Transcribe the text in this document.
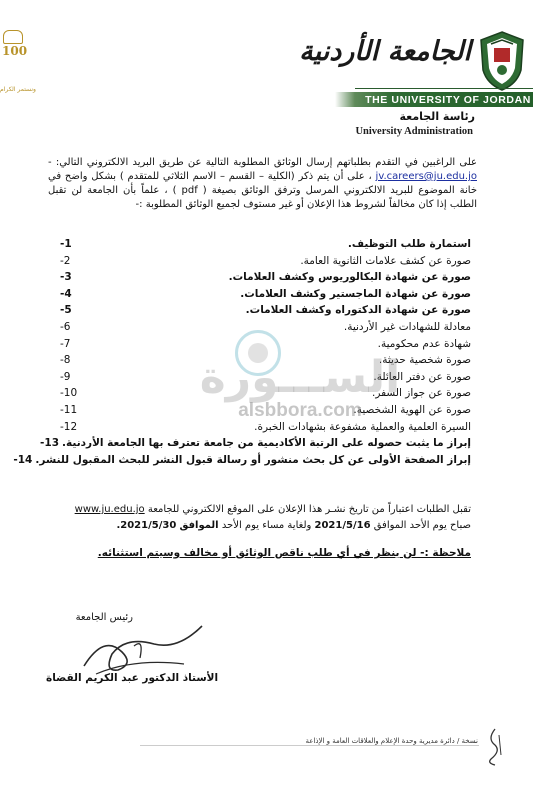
100
ونستمر الكرام
الجامعة الأردنية
THE UNIVERSITY OF JORDAN
رئاسة الجامعة
University Administration
على الراغبين في التقدم بطلباتهم إرسال الوثائق المطلوبة التالية عن طريق البريد الالكتروني التالي: - jv.careers@ju.edu.jo ، على أن يتم ذكر (الكلية – القسم – الاسم الثلاثي للمتقدم ) بشكل واضح في خانة الموضوع للبريد الالكتروني المرسل وترفق الوثائق بصيغة ( pdf ) ، علماً بأن الجامعة لن تقبل الطلب إذا كان مخالفاً لشروط هذا الإعلان أو غير مستوف لجميع الوثائق المطلوبة :-
استمارة طلب التوظيف.
-1
صورة عن كشف علامات الثانوية العامة.
-2
صورة عن شهادة البكالوريوس وكشف العلامات.
-3
صورة عن شهادة الماجستير وكشف العلامات.
-4
صورة عن شهادة الدكتوراه وكشف العلامات.
-5
معادلة للشهادات غير الأردنية.
-6
شهادة عدم محكومية.
-7
صورة شخصية حديثة.
-8
صورة عن دفتر العائلة.
-9
صورة عن جواز السفر.
-10
صورة عن الهوية الشخصية.
-11
السيرة العلمية والعملية مشفوعة بشهادات الخبرة.
-12
إبراز ما يثبت حصوله على الرتبة الأكاديمية من جامعة تعترف بها الجامعة الأردنية.
-13
إبراز الصفحة الأولى عن كل بحث منشور أو رسالة قبول النشر للبحث المقبول للنشر.
-14
الســـورة
alsbbora.com
تقبل الطلبات اعتباراً من تاريخ نشـر هذا الإعلان على الموقع الالكتروني للجامعة www.ju.edu.jo
صباح يوم الأحد الموافق 2021/5/16 ولغاية مساء يوم الأحد الموافق 2021/5/30.
ملاحظة :- لن ينظر في أي طلب ناقص الوثائق أو مخالف وسيتم استثنائه.
رئيس الجامعة
الأستاذ الدكتور عبد الكريم القضاة
نسخة / دائرة مديرية وحدة الإعلام والعلاقات العامة و الإذاعة
